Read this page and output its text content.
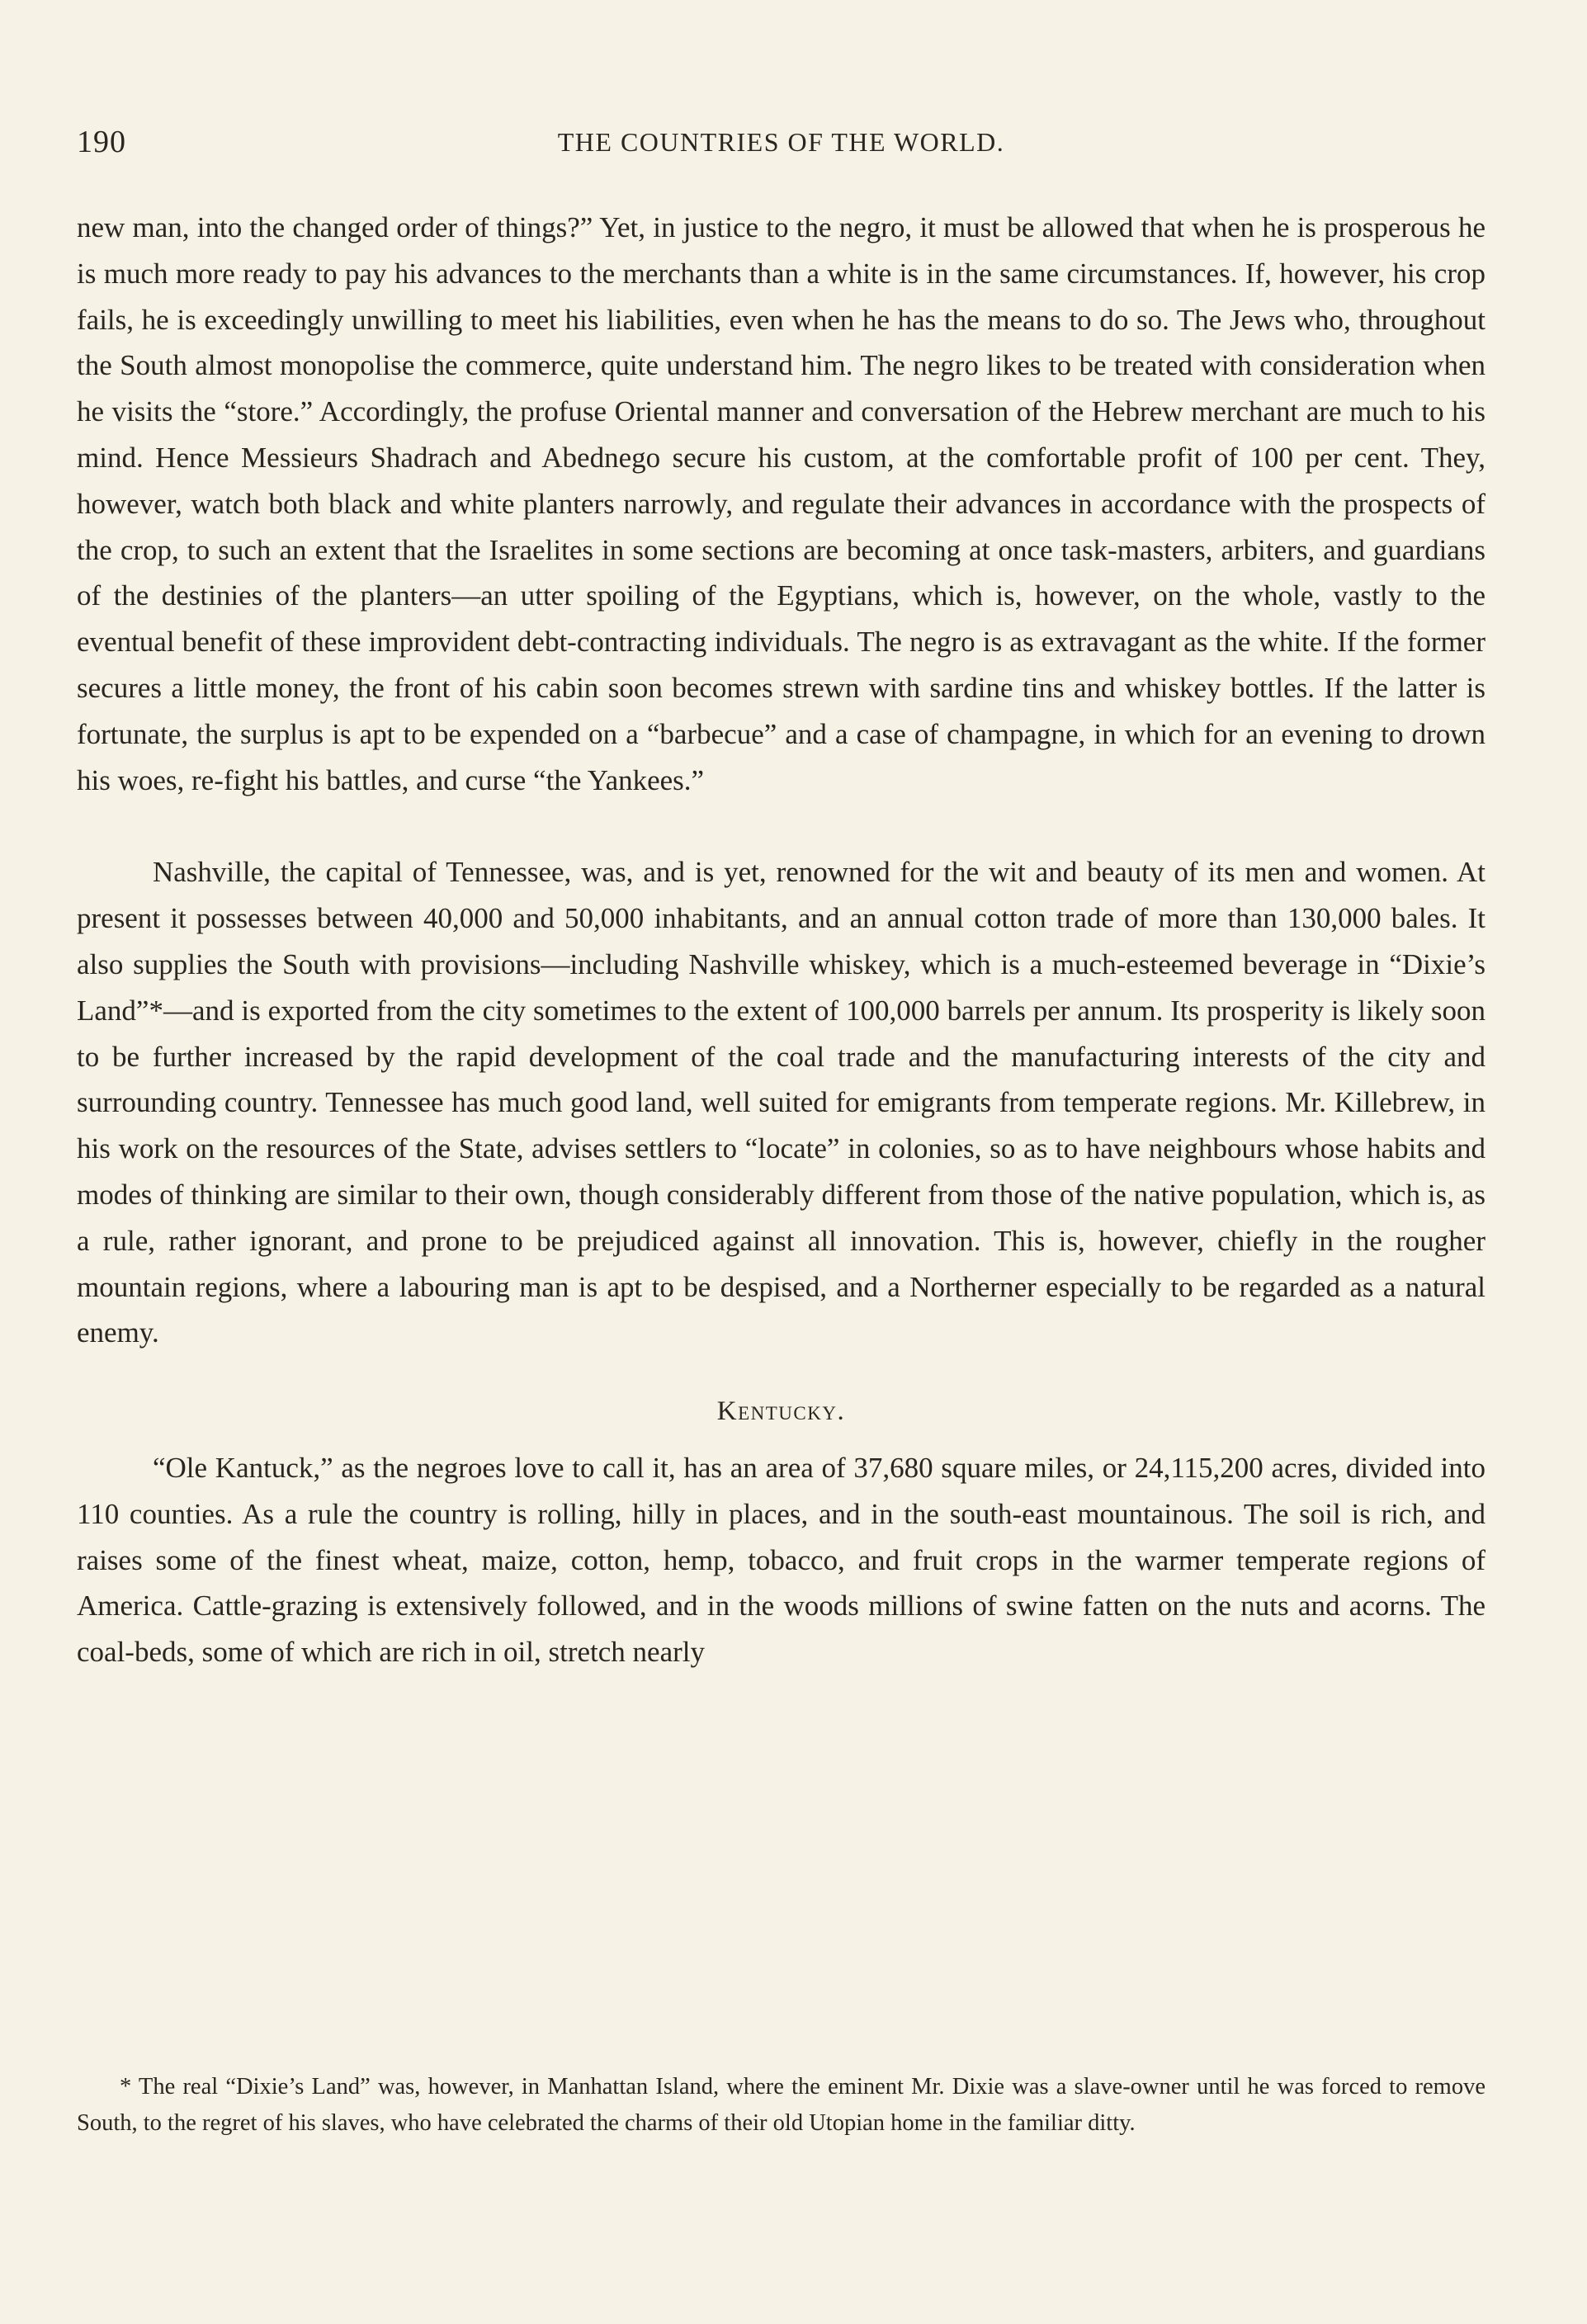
190	THE COUNTRIES OF THE WORLD.

new man, into the changed order of things?” Yet, in justice to the negro, it must be allowed that when he is prosperous he is much more ready to pay his advances to the merchants than a white is in the same circumstances. If, however, his crop fails, he is exceedingly unwilling to meet his liabilities, even when he has the means to do so. The Jews who, throughout the South almost monopolise the commerce, quite understand him. The negro likes to be treated with consideration when he visits the “store.” Accordingly, the profuse Oriental manner and conversation of the Hebrew merchant are much to his mind. Hence Messieurs Shadrach and Abednego secure his custom, at the comfortable profit of 100 per cent. They, however, watch both black and white planters narrowly, and regulate their advances in accordance with the prospects of the crop, to such an extent that the Israelites in some sections are becoming at once task-masters, arbiters, and guardians of the destinies of the planters—an utter spoiling of the Egyptians, which is, however, on the whole, vastly to the eventual benefit of these improvident debt-contracting individuals. The negro is as extravagant as the white. If the former secures a little money, the front of his cabin soon becomes strewn with sardine tins and whiskey bottles. If the latter is fortunate, the surplus is apt to be expended on a “barbecue” and a case of champagne, in which for an evening to drown his woes, re-fight his battles, and curse “the Yankees.”

Nashville, the capital of Tennessee, was, and is yet, renowned for the wit and beauty of its men and women. At present it possesses between 40,000 and 50,000 inhabitants, and an annual cotton trade of more than 130,000 bales. It also supplies the South with provisions—including Nashville whiskey, which is a much-esteemed beverage in “Dixie’s Land”*—and is exported from the city sometimes to the extent of 100,000 barrels per annum. Its prosperity is likely soon to be further increased by the rapid development of the coal trade and the manufacturing interests of the city and surrounding country. Tennessee has much good land, well suited for emigrants from temperate regions. Mr. Killebrew, in his work on the resources of the State, advises settlers to “locate” in colonies, so as to have neighbours whose habits and modes of thinking are similar to their own, though considerably different from those of the native population, which is, as a rule, rather ignorant, and prone to be prejudiced against all innovation. This is, however, chiefly in the rougher mountain regions, where a labouring man is apt to be despised, and a Northerner especially to be regarded as a natural enemy.

Kentucky.

“Ole Kantuck,” as the negroes love to call it, has an area of 37,680 square miles, or 24,115,200 acres, divided into 110 counties. As a rule the country is rolling, hilly in places, and in the south-east mountainous. The soil is rich, and raises some of the finest wheat, maize, cotton, hemp, tobacco, and fruit crops in the warmer temperate regions of America. Cattle-grazing is extensively followed, and in the woods millions of swine fatten on the nuts and acorns. The coal-beds, some of which are rich in oil, stretch nearly

* The real “Dixie’s Land” was, however, in Manhattan Island, where the eminent Mr. Dixie was a slave-owner until he was forced to remove South, to the regret of his slaves, who have celebrated the charms of their old Utopian home in the familiar ditty.
